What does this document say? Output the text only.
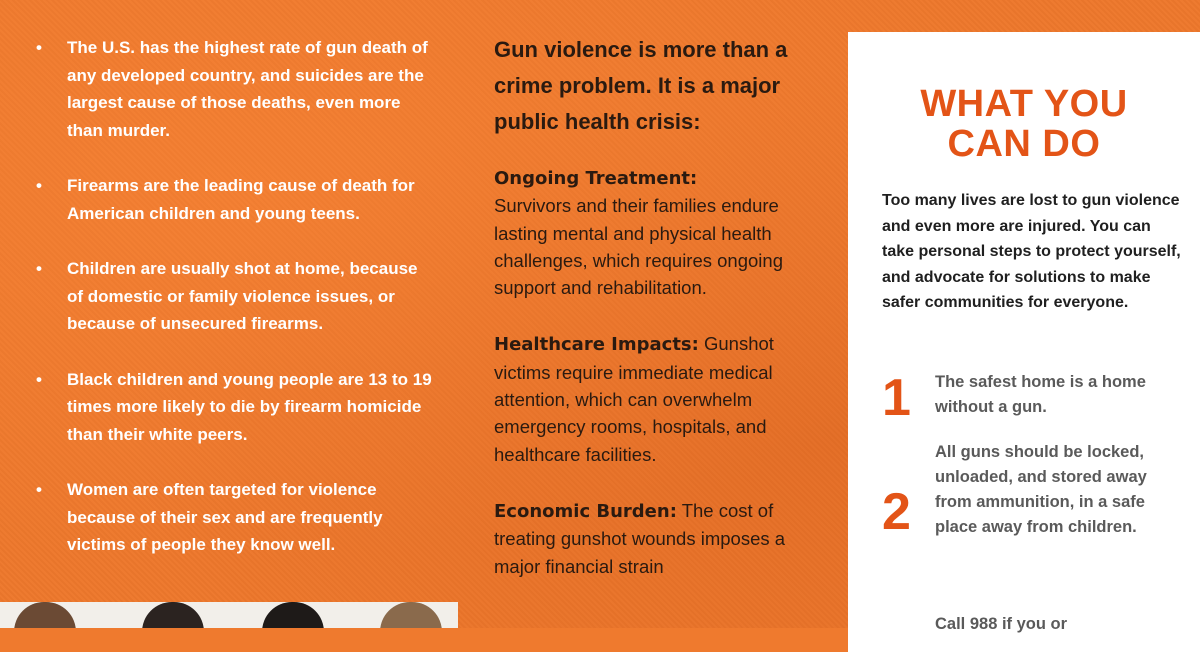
• The U.S. has the highest rate of gun death of any developed country, and suicides are the largest cause of those deaths, even more than murder.
• Firearms are the leading cause of death for American children and young teens.
• Children are usually shot at home, because of domestic or family violence issues, or because of unsecured firearms.
• Black children and young people are 13 to 19 times more likely to die by firearm homicide than their white peers.
• Women are often targeted for violence because of their sex and are frequently victims of people they know well.

Gun violence is more than a crime problem. It is a major public health crisis:

Ongoing Treatment:
Survivors and their families endure lasting mental and physical health challenges, which requires ongoing support and rehabilitation.

Healthcare Impacts: Gunshot victims require immediate medical attention, which can overwhelm emergency rooms, hospitals, and healthcare facilities.

Economic Burden: The cost of treating gunshot wounds imposes a major financial strain

WHAT YOU
CAN DO
Too many lives are lost to gun violence and even more are injured. You can take personal steps to protect yourself, and advocate for solutions to make safer communities for everyone.
1 The safest home is a home without a gun.
2
All guns should be locked, unloaded, and stored away from ammunition, in a safe place away from children.
Call 988 if you or
